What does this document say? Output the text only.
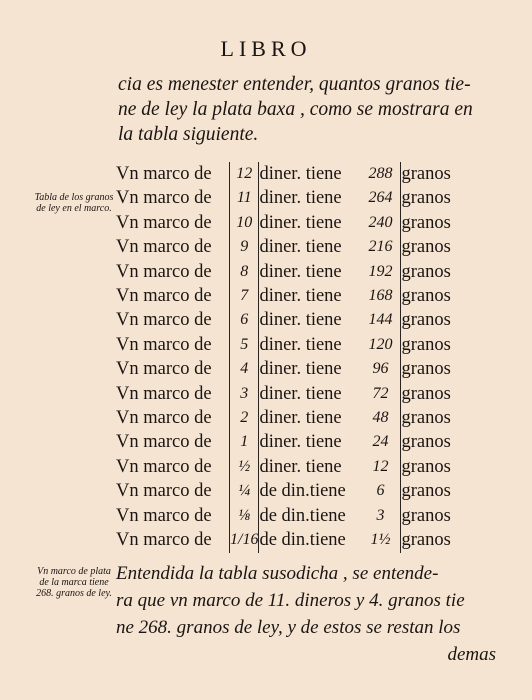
LIBRO
cia es menester entender, quantos granos tie-
ne de ley la plata baxa , como se mostrara en
la tabla siguiente.
Tabla de los granos de ley en el marco.
Vn marco de	12	diner. tiene	288	granos
Vn marco de	11	diner. tiene	264	granos
Vn marco de	10	diner. tiene	240	granos
Vn marco de	9	diner. tiene	216	granos
Vn marco de	8	diner. tiene	192	granos
Vn marco de	7	diner. tiene	168	granos
Vn marco de	6	diner. tiene	144	granos
Vn marco de	5	diner. tiene	120	granos
Vn marco de	4	diner. tiene	96	granos
Vn marco de	3	diner. tiene	72	granos
Vn marco de	2	diner. tiene	48	granos
Vn marco de	1	diner. tiene	24	granos
Vn marco de	½	diner. tiene	12	granos
Vn marco de	¼	de din.tiene	6	granos
Vn marco de	⅛	de din.tiene	3	granos
Vn marco de	1/16	de din.tiene	1½	granos
Vn marco de plata de la marca tiene 268. granos de ley.
Entendida la tabla susodicha , se entende-
ra que vn marco de 11. dineros y 4. granos tie
ne 268. granos de ley, y de estos se restan los
demas
